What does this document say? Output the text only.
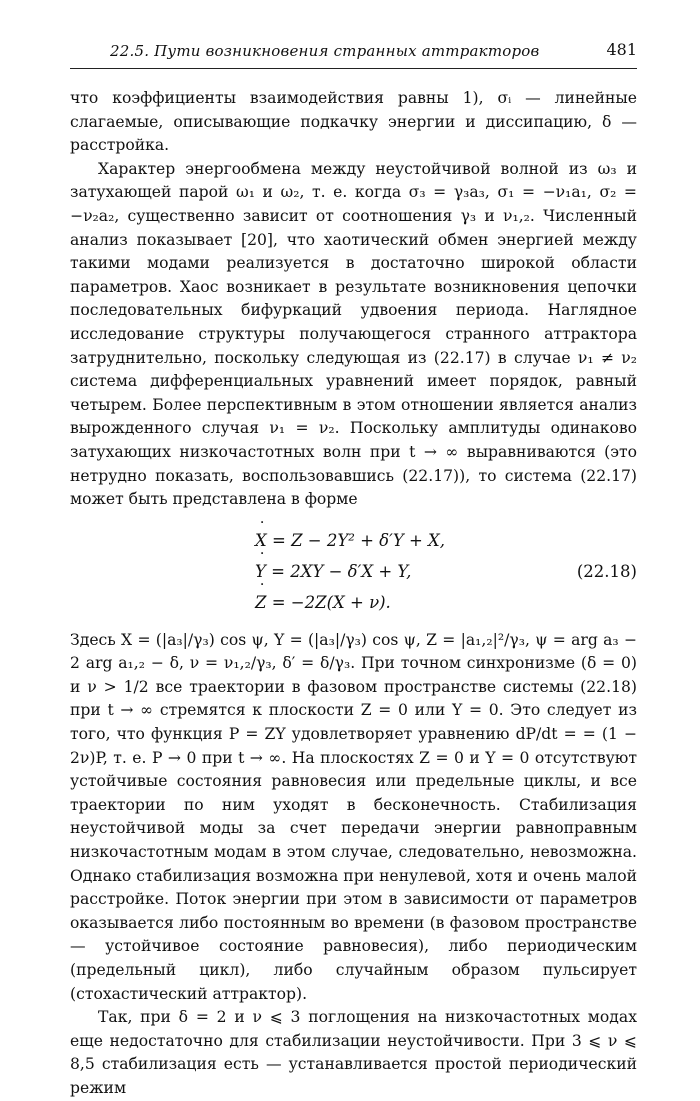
22.5. Пути возникновения странных аттракторов	481

что коэффициенты взаимодействия равны 1), σᵢ — линейные слагаемые, описывающие подкачку энергии и диссипацию, δ — расстройка.

Характер энергообмена между неустойчивой волной из ω₃ и затухающей парой ω₁ и ω₂, т. е. когда σ₃ = γ₃a₃, σ₁ = −ν₁a₁, σ₂ = −ν₂a₂, существенно зависит от соотношения γ₃ и ν₁,₂. Численный анализ показывает [20], что хаотический обмен энергией между такими модами реализуется в достаточно широкой области параметров. Хаос возникает в результате возникновения цепочки последовательных бифуркаций удвоения периода. Наглядное исследование структуры получающегося странного аттрактора затруднительно, поскольку следующая из (22.17) в случае ν₁ ≠ ν₂ система дифференциальных уравнений имеет порядок, равный четырем. Более перспективным в этом отношении является анализ вырожденного случая ν₁ = ν₂. Поскольку амплитуды одинаково затухающих низкочастотных волн при t → ∞ выравниваются (это нетрудно показать, воспользовавшись (22.17)), то система (22.17) может быть представлена в форме

˙ X = Z − 2Y² + δ′Y + X,
˙ Y = 2XY − δ′X + Y,
˙ Z = −2Z(X + ν).
(22.18)

Здесь X = (|a₃|/γ₃) cos ψ, Y = (|a₃|/γ₃) cos ψ, Z = |a₁,₂|²/γ₃, ψ = arg a₃ − 2 arg a₁,₂ − δ, ν = ν₁,₂/γ₃, δ′ = δ/γ₃. При точном синхронизме (δ = 0) и ν > 1/2 все траектории в фазовом пространстве системы (22.18) при t → ∞ стремятся к плоскости Z = 0 или Y = 0. Это следует из того, что функция P = ZY удовлетворяет уравнению dP/dt = = (1 − 2ν)P, т. е. P → 0 при t → ∞. На плоскостях Z = 0 и Y = 0 отсутствуют устойчивые состояния равновесия или предельные циклы, и все траектории по ним уходят в бесконечность. Стабилизация неустойчивой моды за счет передачи энергии равноправным низкочастотным модам в этом случае, следовательно, невозможна. Однако стабилизация возможна при ненулевой, хотя и очень малой расстройке. Поток энергии при этом в зависимости от параметров оказывается либо постоянным во времени (в фазовом пространстве — устойчивое состояние равновесия), либо периодическим (предельный цикл), либо случайным образом пульсирует (стохастический аттрактор).

Так, при δ = 2 и ν ⩽ 3 поглощения на низкочастотных модах еще недостаточно для стабилизации неустойчивости. При 3 ⩽ ν ⩽ 8,5 стабилизация есть — устанавливается простой периодический режим
